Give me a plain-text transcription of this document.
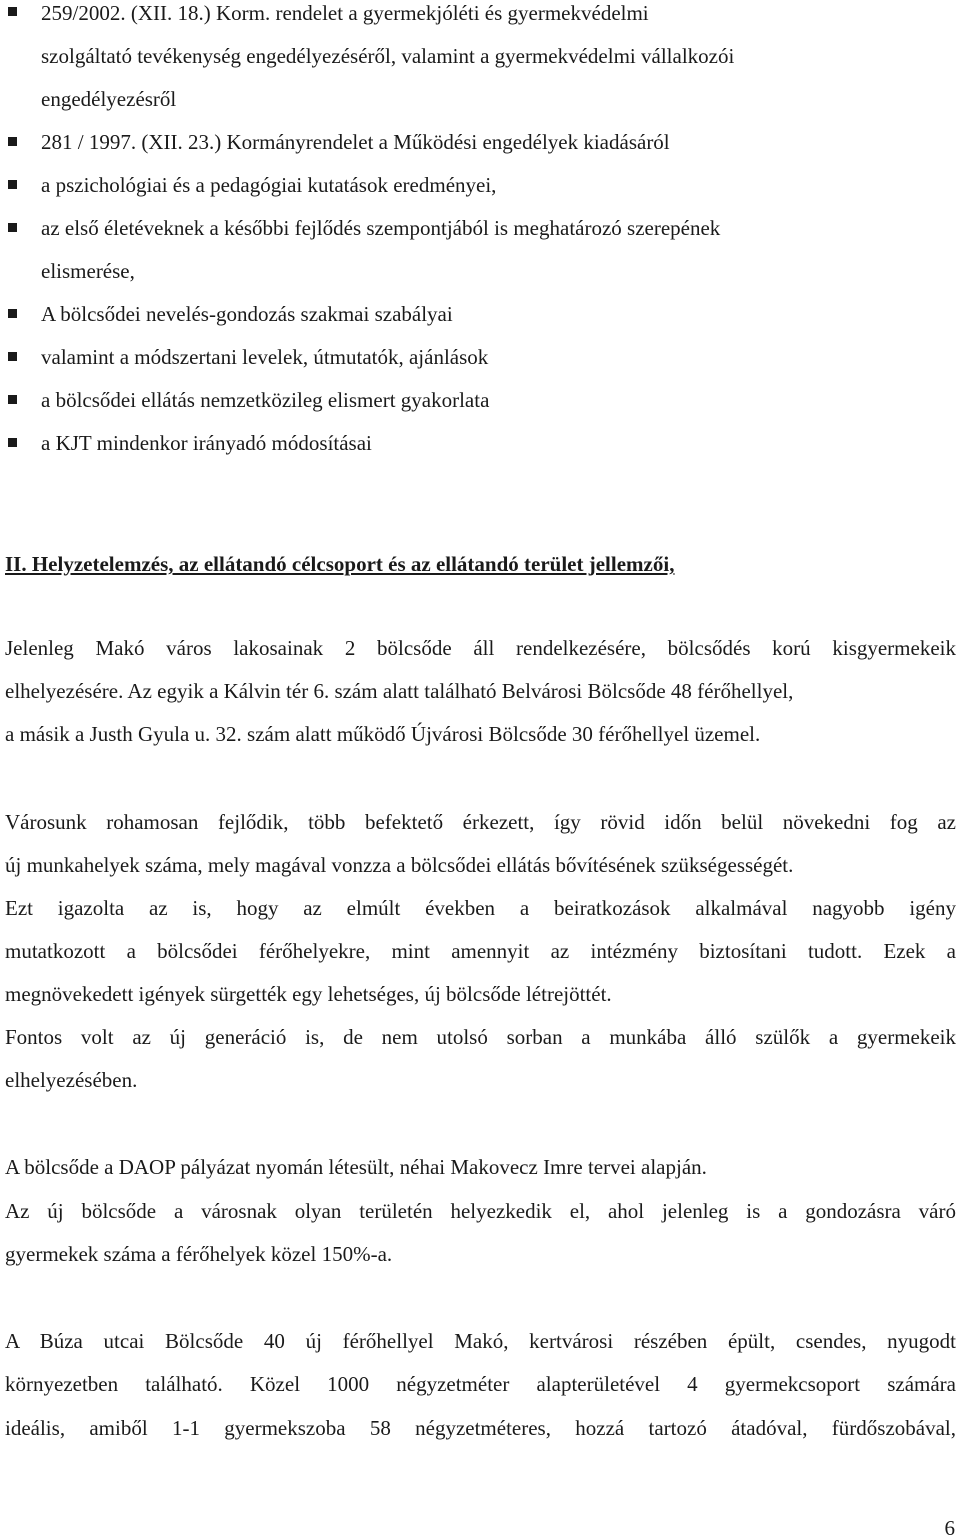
259/2002. (XII. 18.) Korm. rendelet a gyermekjóléti és gyermekvédelmi
szolgáltató tevékenység engedélyezéséről, valamint a gyermekvédelmi vállalkozói
engedélyezésről
281 / 1997. (XII. 23.) Kormányrendelet a Működési engedélyek kiadásáról
a pszichológiai és a pedagógiai kutatások eredményei,
az első életéveknek a későbbi fejlődés szempontjából is meghatározó szerepének
elismerése,
A bölcsődei nevelés-gondozás szakmai szabályai
valamint a módszertani levelek, útmutatók, ajánlások
a bölcsődei ellátás nemzetközileg elismert gyakorlata
a KJT mindenkor irányadó módosításai
II. Helyzetelemzés, az ellátandó célcsoport és az ellátandó terület jellemzői,
Jelenleg Makó város lakosainak 2 bölcsőde áll rendelkezésére, bölcsődés korú kisgyermekeik
elhelyezésére. Az egyik a Kálvin tér 6. szám alatt található Belvárosi Bölcsőde 48 férőhellyel,
a másik a Justh Gyula u. 32. szám alatt működő Újvárosi Bölcsőde 30 férőhellyel üzemel.
Városunk rohamosan fejlődik, több befektető érkezett, így rövid időn belül növekedni fog az
új munkahelyek száma, mely magával vonzza a bölcsődei ellátás bővítésének szükségességét.
Ezt igazolta az is, hogy az elmúlt években a beiratkozások alkalmával nagyobb igény
mutatkozott a bölcsődei férőhelyekre, mint amennyit az intézmény biztosítani tudott. Ezek a
megnövekedett igények sürgették egy lehetséges, új bölcsőde létrejöttét.
Fontos volt az új generáció is, de nem utolsó sorban a munkába álló szülők a gyermekeik
elhelyezésében.
A bölcsőde a DAOP pályázat nyomán létesült, néhai Makovecz Imre tervei alapján.
Az új bölcsőde a városnak olyan területén helyezkedik el, ahol jelenleg is a gondozásra váró
gyermekek száma a férőhelyek közel 150%-a.
A Búza utcai Bölcsőde 40 új férőhellyel Makó, kertvárosi részében épült, csendes, nyugodt
környezetben található. Közel 1000 négyzetméter alapterületével 4 gyermekcsoport számára
ideális, amiből 1-1 gyermekszoba 58 négyzetméteres, hozzá tartozó átadóval, fürdőszobával,
6
